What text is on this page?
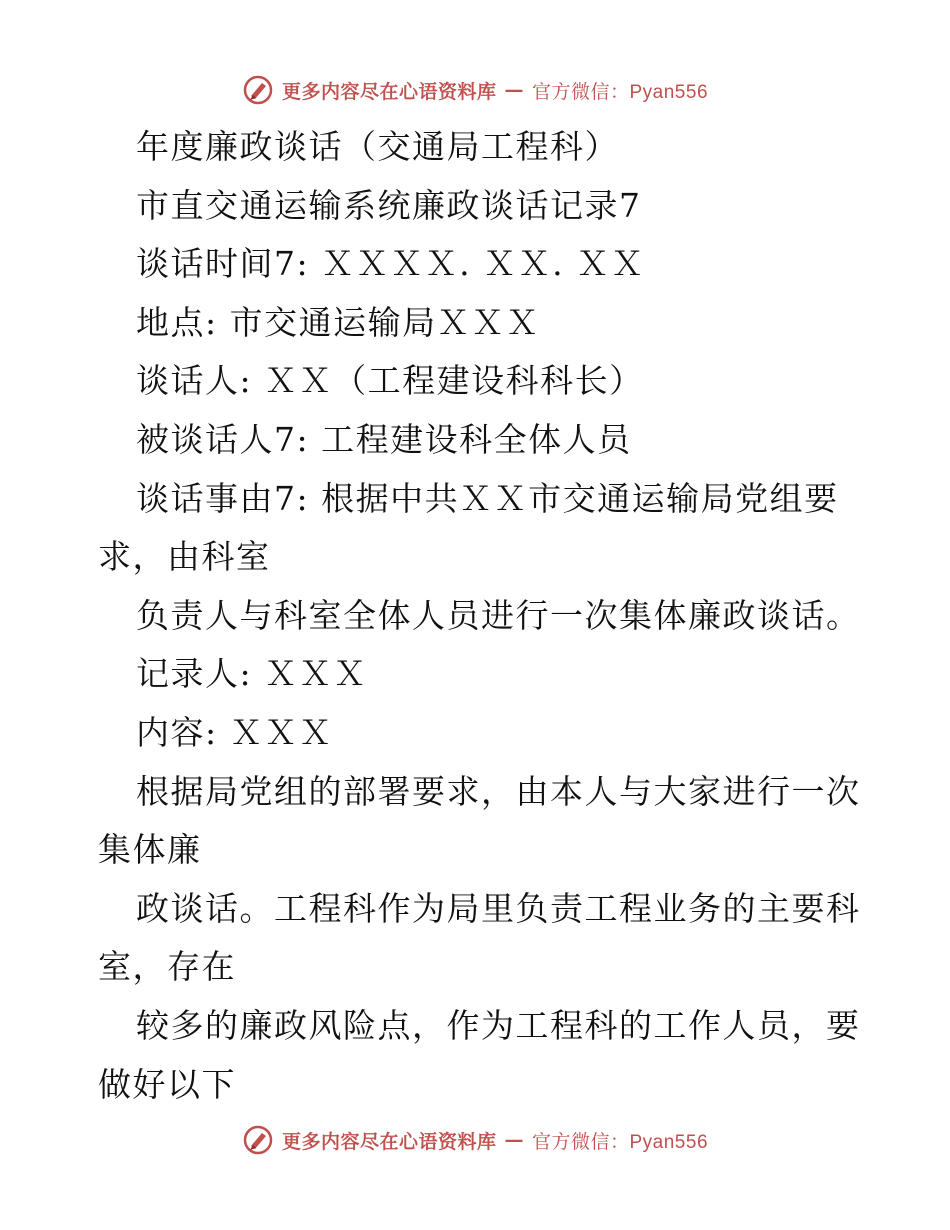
更多内容尽在心语资料库 — 官方微信：Pyan556
年度廉政谈话（交通局工程科）
市直交通运输系统廉政谈话记录7
谈话时间7: ＸＸＸＸ. ＸＸ. ＸＸ
地点: 市交通运输局ＸＸＸ
谈话人: ＸＸ（工程建设科科长）
被谈话人7: 工程建设科全体人员
谈话事由7: 根据中共ＸＸ市交通运输局党组要
求，由科室
负责人与科室全体人员进行一次集体廉政谈话。
记录人: ＸＸＸ
内容: ＸＸＸ
根据局党组的部署要求，由本人与大家进行一次
集体廉
政谈话。工程科作为局里负责工程业务的主要科
室，存在
较多的廉政风险点，作为工程科的工作人员，要
做好以下
更多内容尽在心语资料库 — 官方微信：Pyan556
